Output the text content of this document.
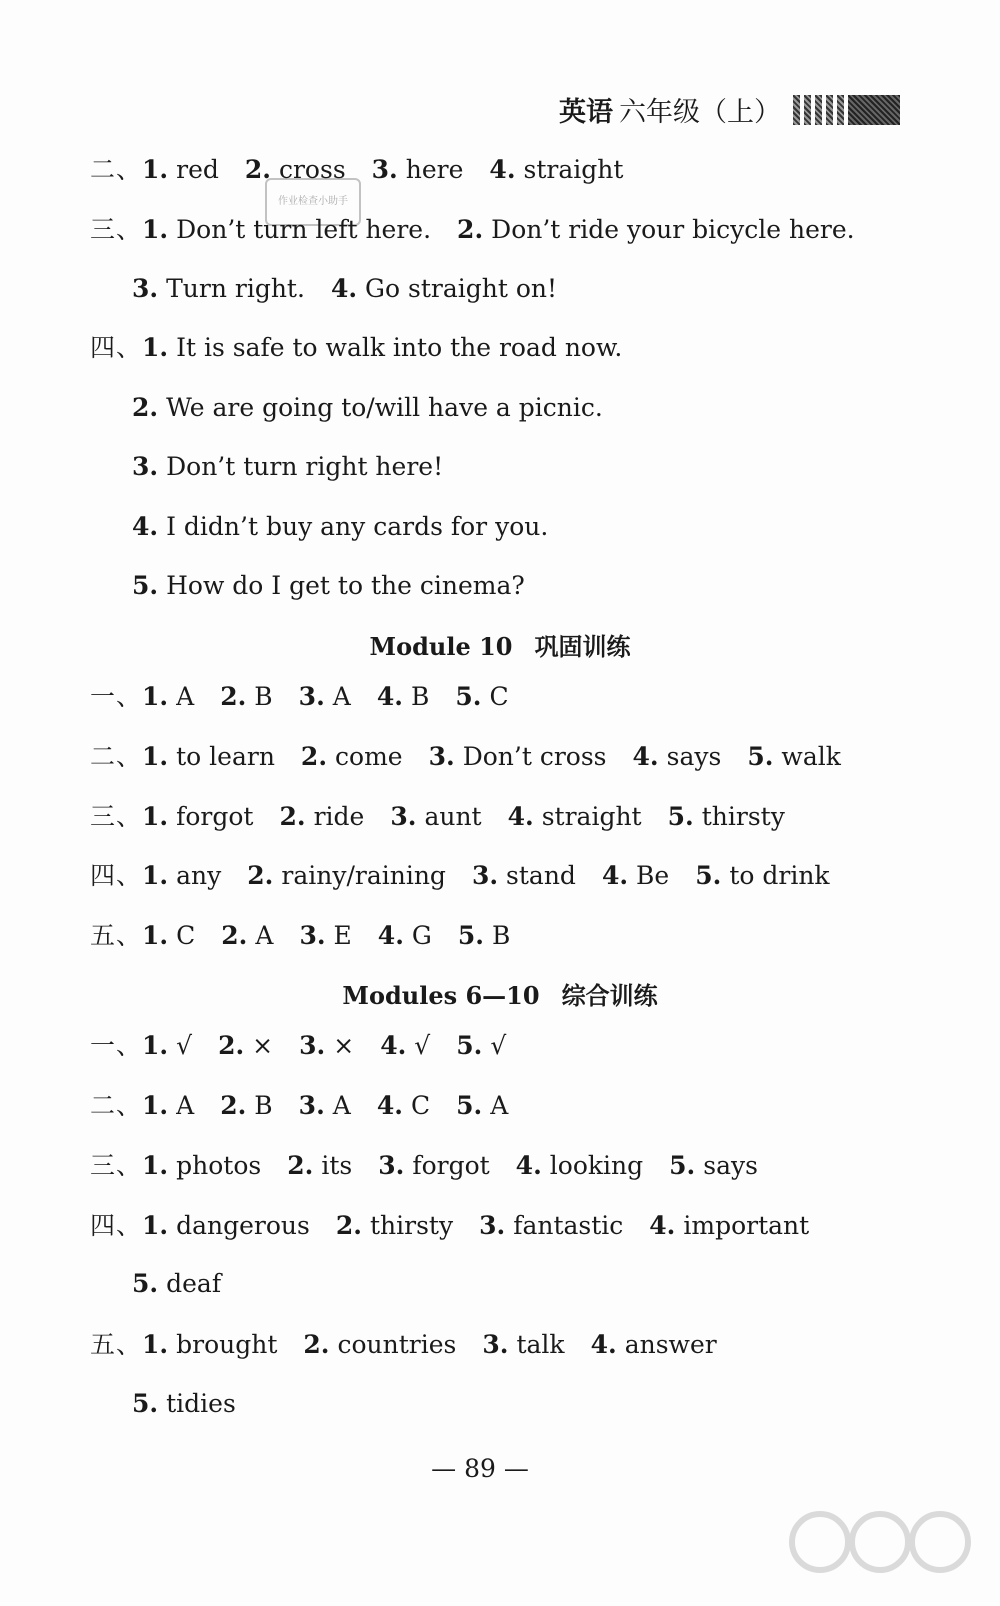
英语 六年级（上）
作业检查小助手
二、1. red 2. cross 3. here 4. straight
三、1. Don’t turn left here. 2. Don’t ride your bicycle here.
3. Turn right. 4. Go straight on!
四、1. It is safe to walk into the road now.
2. We are going to/will have a picnic.
3. Don’t turn right here!
4. I didn’t buy any cards for you.
5. How do I get to the cinema?
Module 10 巩固训练
一、1. A 2. B 3. A 4. B 5. C
二、1. to learn 2. come 3. Don’t cross 4. says 5. walk
三、1. forgot 2. ride 3. aunt 4. straight 5. thirsty
四、1. any 2. rainy/raining 3. stand 4. Be 5. to drink
五、1. C 2. A 3. E 4. G 5. B
Modules 6—10 综合训练
一、1. √ 2. × 3. × 4. √ 5. √
二、1. A 2. B 3. A 4. C 5. A
三、1. photos 2. its 3. forgot 4. looking 5. says
四、1. dangerous 2. thirsty 3. fantastic 4. important
5. deaf
五、1. brought 2. countries 3. talk 4. answer
5. tidies
— 89 —
